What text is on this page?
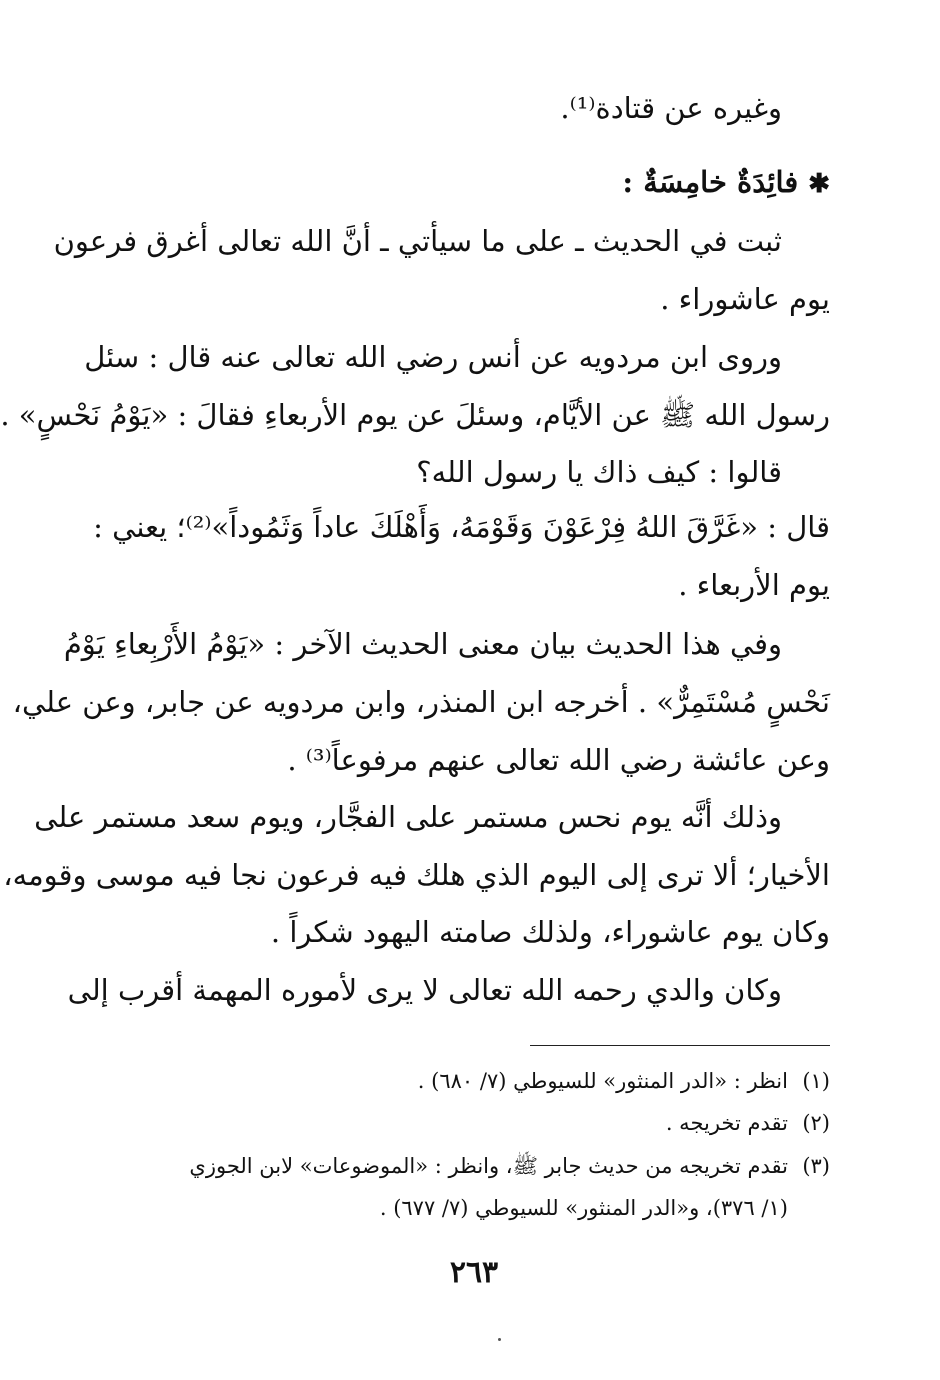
وغيره عن قتادة⁽¹⁾.
✱فائِدَةٌ خامِسَةٌ :
ثبت في الحديث ـ على ما سيأتي ـ أنَّ الله تعالى أغرق فرعون
يوم عاشوراء .
وروى ابن مردويه عن أنس رضي الله تعالى عنه قال : سئل
رسول الله ﷺ عن الأيَّام، وسئلَ عن يوم الأربعاءِ فقالَ : «يَوْمُ نَحْسٍ» .
قالوا : كيف ذاك يا رسول الله؟
قال : «غَرَّقَ اللهُ فِرْعَوْنَ وَقَوْمَهُ، وَأَهْلَكَ عاداً وَثَمُوداً»⁽²⁾؛ يعني :
يوم الأربعاء .
وفي هذا الحديث بيان معنى الحديث الآخر : «يَوْمُ الأَرْبِعاءِ يَوْمُ
نَحْسٍ مُسْتَمِرٌّ» . أخرجه ابن المنذر، وابن مردويه عن جابر، وعن علي،
وعن عائشة رضي الله تعالى عنهم مرفوعاً⁽³⁾ .
وذلك أنَّه يوم نحس مستمر على الفجَّار، ويوم سعد مستمر على
الأخيار؛ ألا ترى إلى اليوم الذي هلك فيه فرعون نجا فيه موسى وقومه،
وكان يوم عاشوراء، ولذلك صامته اليهود شكراً .
وكان والدي رحمه الله تعالى لا يرى لأموره المهمة أقرب إلى
(١)انظر : «الدر المنثور» للسيوطي (٧/ ٦٨٠) .
(٢)تقدم تخريجه .
(٣)تقدم تخريجه من حديث جابر ﷺ، وانظر : «الموضوعات» لابن الجوزي
(١/ ٣٧٦)، و«الدر المنثور» للسيوطي (٧/ ٦٧٧) .
٢٦٣
